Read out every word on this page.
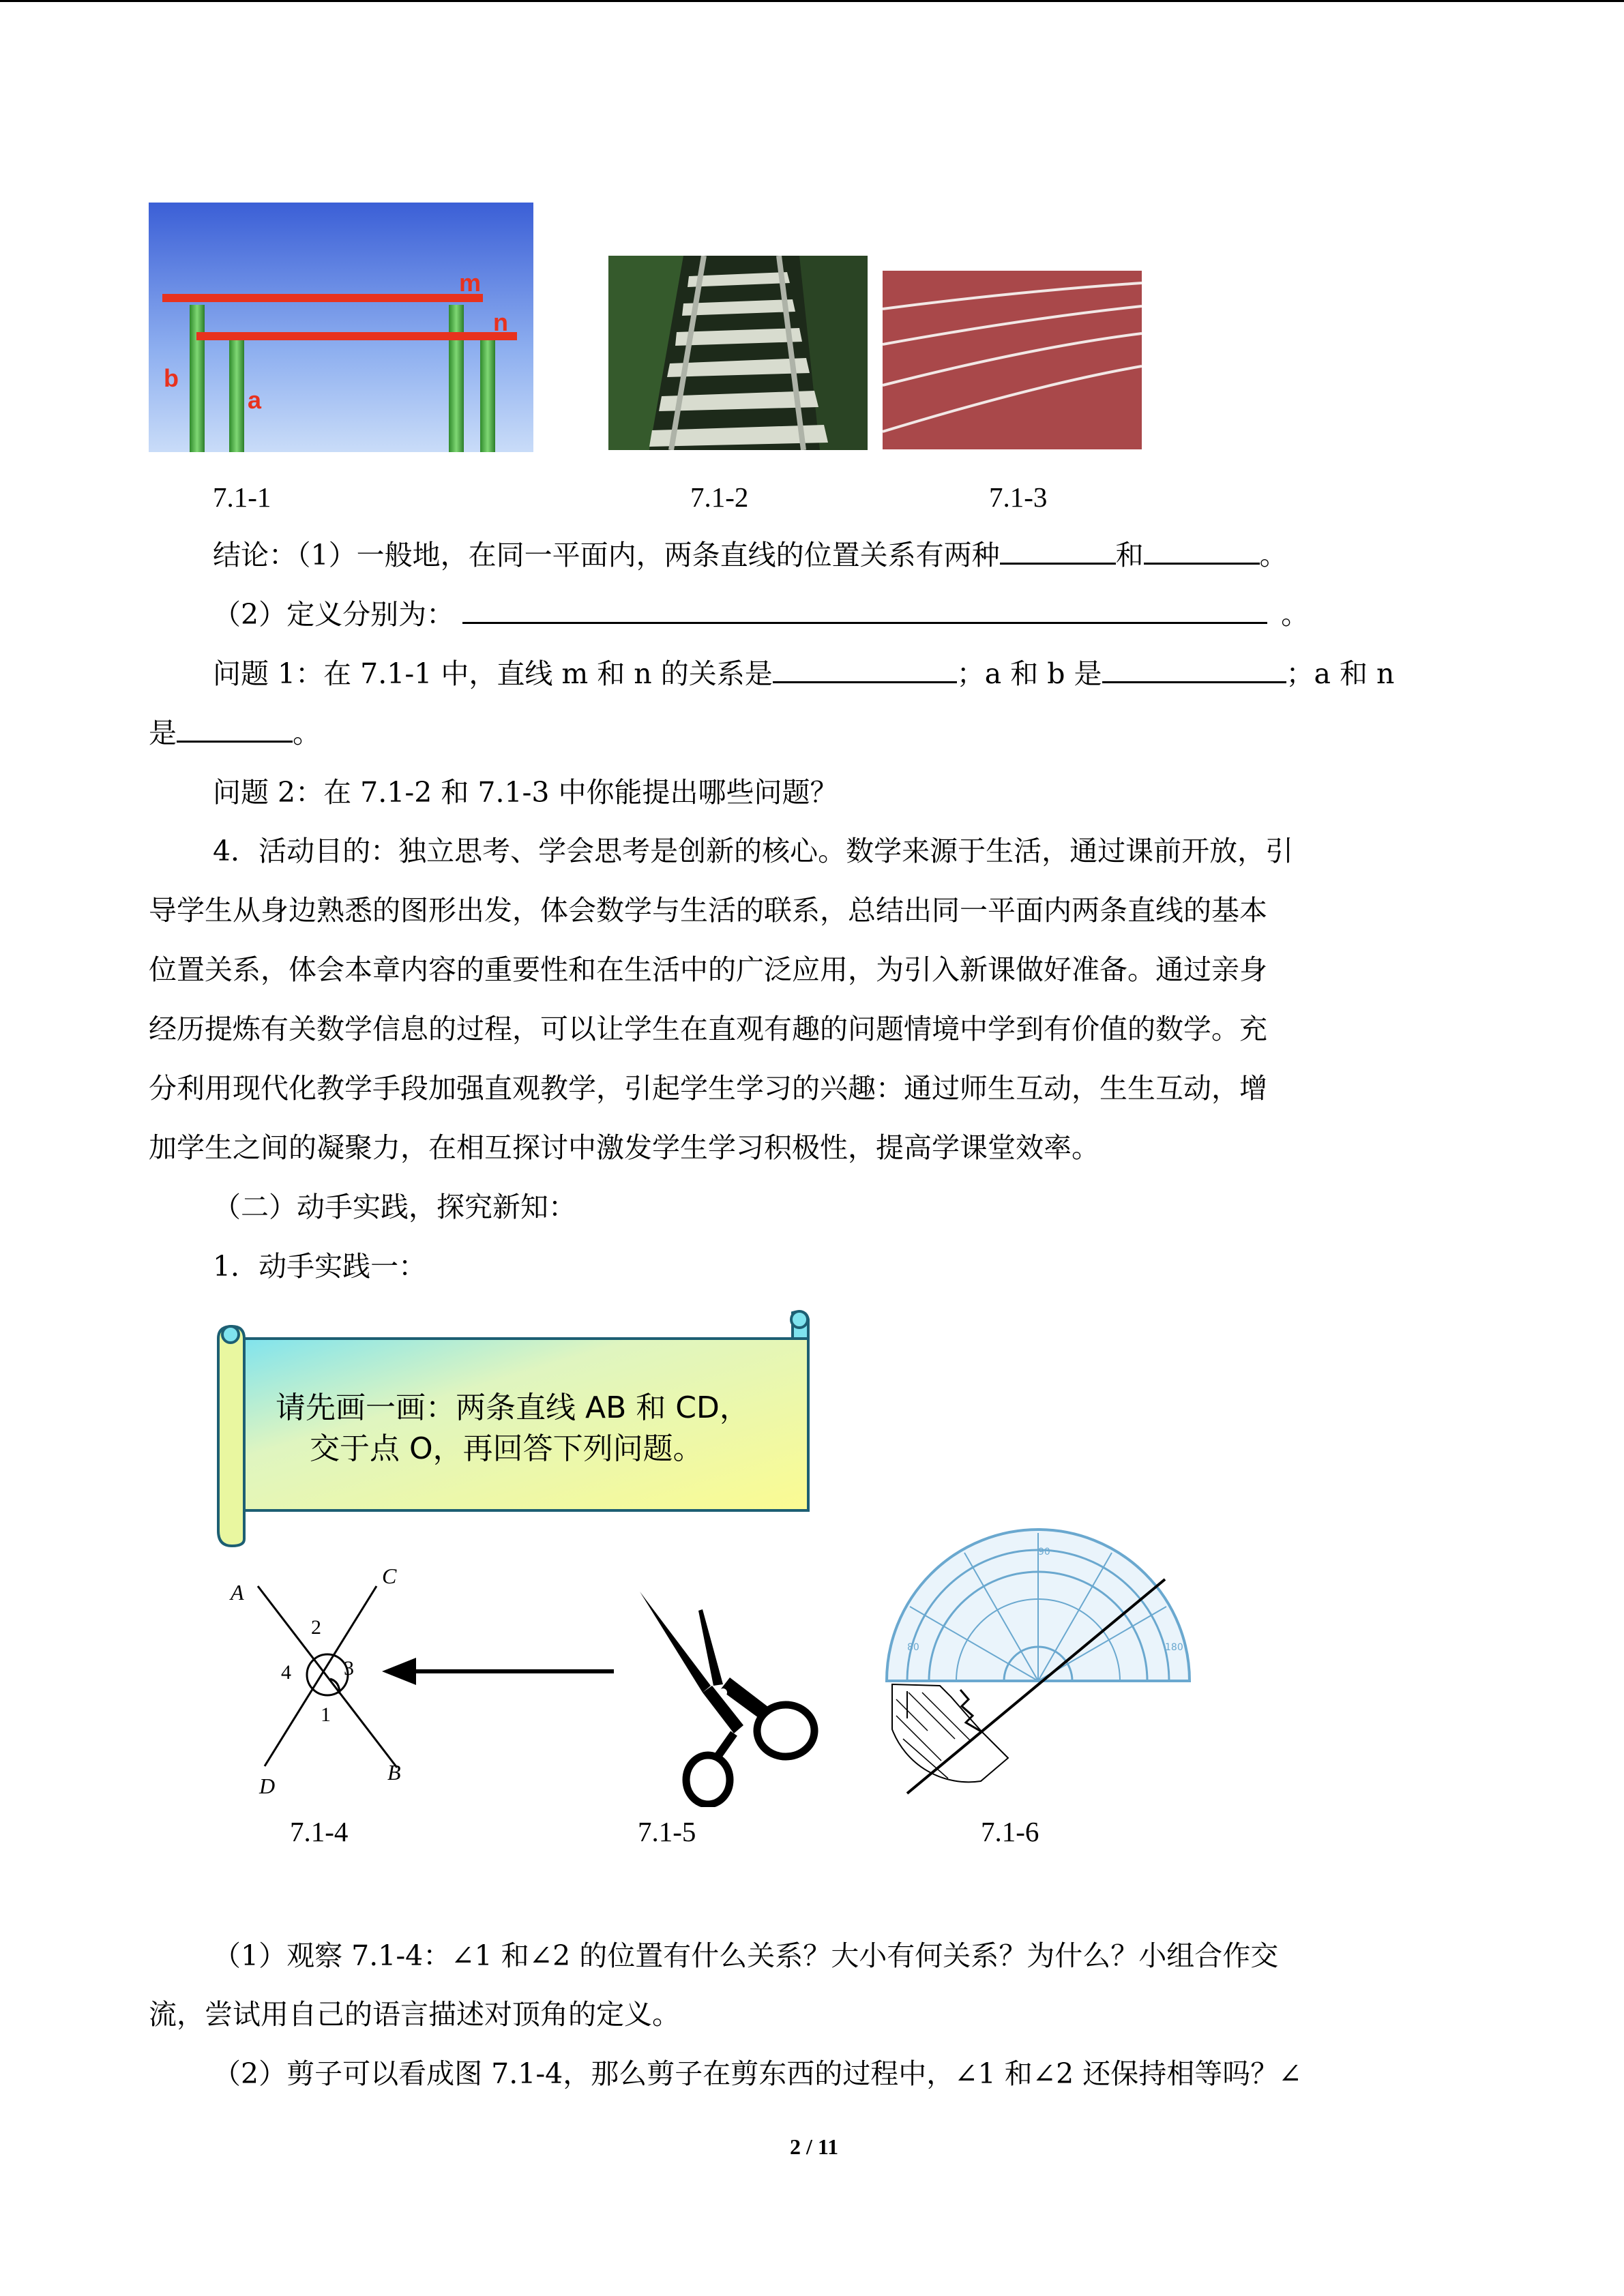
m
n
b
a
7.1-1	7.1-2	7.1-3
结论：（1）一般地，在同一平面内，两条直线的位置关系有两种	和	。
（2）定义分别为：	。
问题 1：在 7.1-1 中，直线 m 和 n 的关系是	；a 和 b 是	；a 和 n
是	。
问题 2：在 7.1-2 和 7.1-3 中你能提出哪些问题？
4．活动目的：独立思考、学会思考是创新的核心。数学来源于生活，通过课前开放，引
导学生从身边熟悉的图形出发，体会数学与生活的联系，总结出同一平面内两条直线的基本
位置关系，体会本章内容的重要性和在生活中的广泛应用，为引入新课做好准备。通过亲身
经历提炼有关数学信息的过程，可以让学生在直观有趣的问题情境中学到有价值的数学。充
分利用现代化教学手段加强直观教学，引起学生学习的兴趣：通过师生互动，生生互动，增
加学生之间的凝聚力，在相互探讨中激发学生学习积极性，提高学课堂效率。
（二）动手实践，探究新知：
1．动手实践一：
请先画一画：两条直线 AB 和 CD，
交于点 O，再回答下列问题。
A
C
D
B
2
4	3
1
80
90
180
7.1-4	7.1-5	7.1-6
（1）观察 7.1-4：∠1 和∠2 的位置有什么关系？大小有何关系？为什么？小组合作交
流，尝试用自己的语言描述对顶角的定义。
（2）剪子可以看成图 7.1-4，那么剪子在剪东西的过程中，∠1 和∠2 还保持相等吗？∠
2 / 11
